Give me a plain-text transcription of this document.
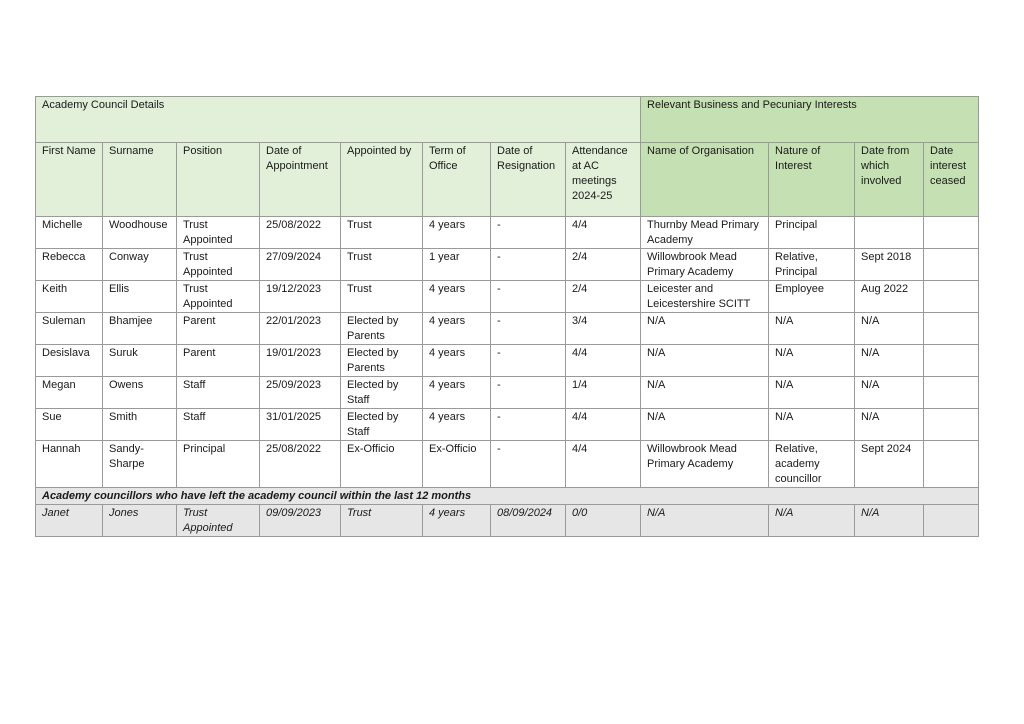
Academy Council Details								Relevant Business and Pecuniary Interests			
First Name	Surname	Position	Date of Appointment	Appointed by	Term of Office	Date of Resignation	Attendance at AC meetings 2024-25	Name of Organisation	Nature of Interest	Date from which involved	Date interest ceased
Michelle	Woodhouse	Trust Appointed	25/08/2022	Trust	4 years	-	4/4	Thurnby Mead Primary Academy	Principal		
Rebecca	Conway	Trust Appointed	27/09/2024	Trust	1 year	-	2/4	Willowbrook Mead Primary Academy	Relative, Principal	Sept 2018	
Keith	Ellis	Trust Appointed	19/12/2023	Trust	4 years	-	2/4	Leicester and Leicestershire SCITT	Employee	Aug 2022	
Suleman	Bhamjee	Parent	22/01/2023	Elected by Parents	4 years	-	3/4	N/A	N/A	N/A	
Desislava	Suruk	Parent	19/01/2023	Elected by Parents	4 years	-	4/4	N/A	N/A	N/A	
Megan	Owens	Staff	25/09/2023	Elected by Staff	4 years	-	1/4	N/A	N/A	N/A	
Sue	Smith	Staff	31/01/2025	Elected by Staff	4 years	-	4/4	N/A	N/A	N/A	
Hannah	Sandy-Sharpe	Principal	25/08/2022	Ex-Officio	Ex-Officio	-	4/4	Willowbrook Mead Primary Academy	Relative, academy councillor	Sept 2024	
Academy councillors who have left the academy council within the last 12 months											
Janet	Jones	Trust Appointed	09/09/2023	Trust	4 years	08/09/2024	0/0	N/A	N/A	N/A	
